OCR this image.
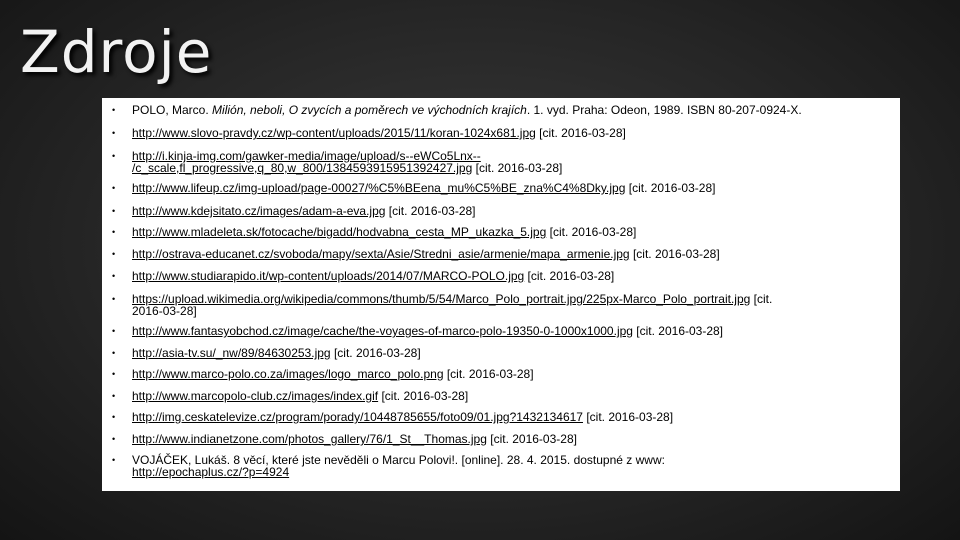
Zdroje
• POLO, Marco. Milión, neboli, O zvycích a poměrech ve východních krajích. 1. vyd. Praha: Odeon, 1989. ISBN 80-207-0924-X.
• http://www.slovo-pravdy.cz/wp-content/uploads/2015/11/koran-1024x681.jpg [cit. 2016-03-28]
• http://i.kinja-img.com/gawker-media/image/upload/s--eWCo5Lnx--
/c_scale,fl_progressive,q_80,w_800/1384593915951392427.jpg [cit. 2016-03-28]
• http://www.lifeup.cz/img-upload/page-00027/%C5%BEena_mu%C5%BE_zna%C4%8Dky.jpg [cit. 2016-03-28]
• http://www.kdejsitato.cz/images/adam-a-eva.jpg [cit. 2016-03-28]
• http://www.mladeleta.sk/fotocache/bigadd/hodvabna_cesta_MP_ukazka_5.jpg [cit. 2016-03-28]
• http://ostrava-educanet.cz/svoboda/mapy/sexta/Asie/Stredni_asie/armenie/mapa_armenie.jpg [cit. 2016-03-28]
• http://www.studiarapido.it/wp-content/uploads/2014/07/MARCO-POLO.jpg [cit. 2016-03-28]
• https://upload.wikimedia.org/wikipedia/commons/thumb/5/54/Marco_Polo_portrait.jpg/225px-Marco_Polo_portrait.jpg [cit.
2016-03-28]
• http://www.fantasyobchod.cz/image/cache/the-voyages-of-marco-polo-19350-0-1000x1000.jpg [cit. 2016-03-28]
• http://asia-tv.su/_nw/89/84630253.jpg [cit. 2016-03-28]
• http://www.marco-polo.co.za/images/logo_marco_polo.png [cit. 2016-03-28]
• http://www.marcopolo-club.cz/images/index.gif [cit. 2016-03-28]
• http://img.ceskatelevize.cz/program/porady/10448785655/foto09/01.jpg?1432134617 [cit. 2016-03-28]
• http://www.indianetzone.com/photos_gallery/76/1_St__Thomas.jpg [cit. 2016-03-28]
• VOJÁČEK, Lukáš. 8 věcí, které jste nevěděli o Marcu Polovi!. [online]. 28. 4. 2015. dostupné z www:
http://epochaplus.cz/?p=4924
